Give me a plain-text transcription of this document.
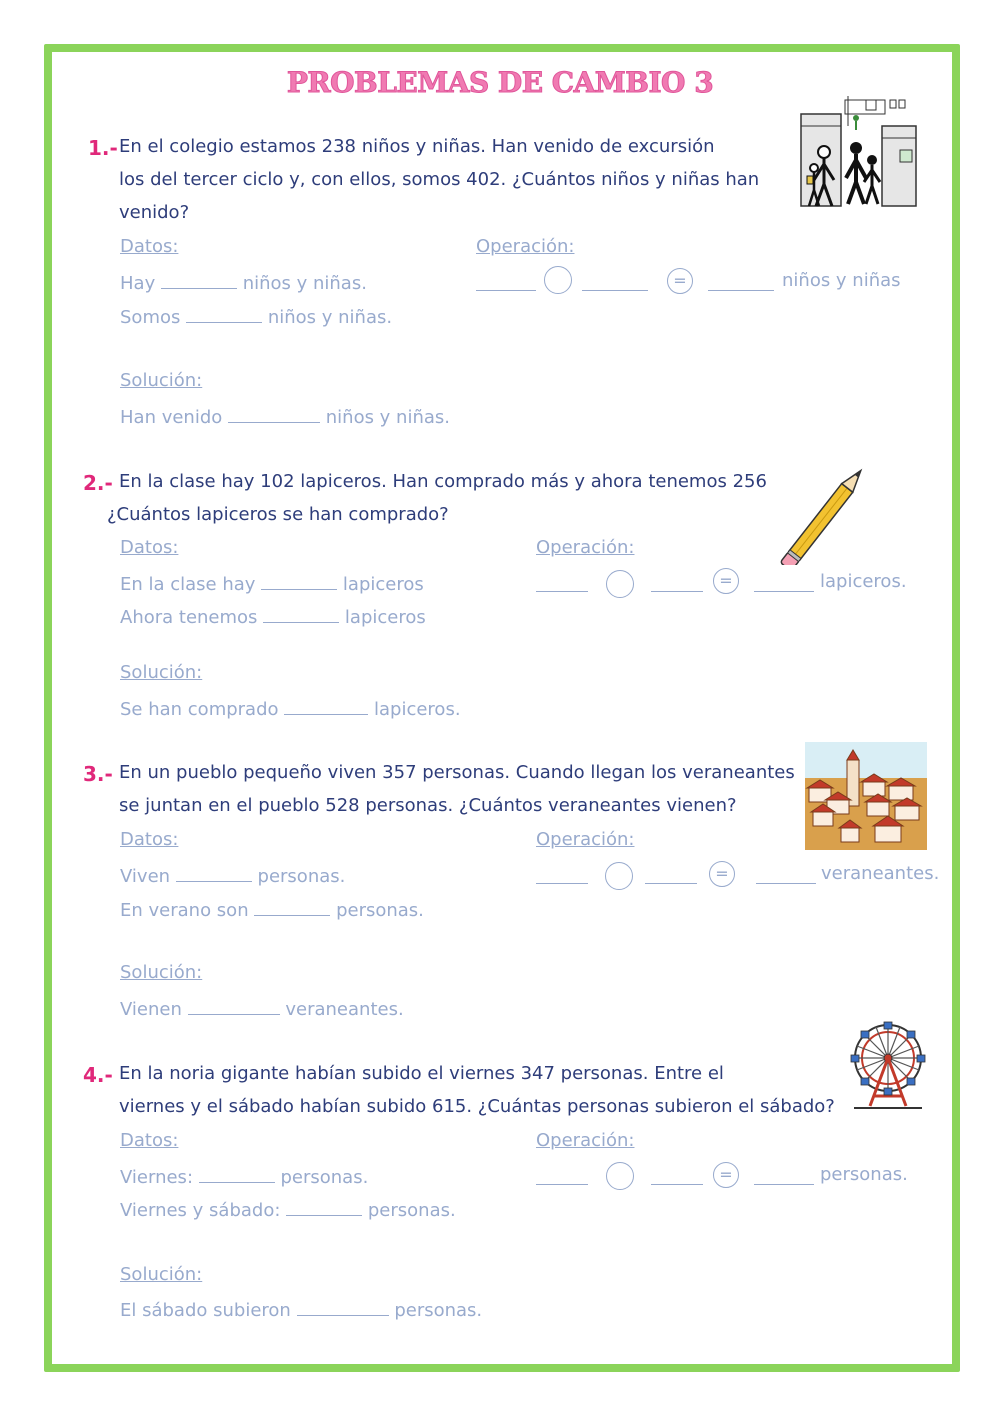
PROBLEMAS DE CAMBIO 3
1.- En el colegio estamos 238 niños y niñas. Han venido de excursión
los del tercer ciclo y, con ellos, somos 402. ¿Cuántos niños y niñas han
venido?
Datos:	Operación:
Hay	niños y niñas.
Somos	niños y niñas.
=	niños y niñas
Solución:
Han venido	niños y niñas.
2.- En la clase hay 102 lapiceros. Han comprado más y ahora tenemos 256
¿Cuántos lapiceros se han comprado?
Datos:	Operación:
En la clase hay	lapiceros
Ahora tenemos	lapiceros
=	lapiceros.
Solución:
Se han comprado	lapiceros.
3.- En un pueblo pequeño viven 357 personas. Cuando llegan los veraneantes
se juntan en el pueblo 528 personas. ¿Cuántos veraneantes vienen?
Datos:	Operación:
Viven	personas.
En verano son	personas.
=	veraneantes.
Solución:
Vienen	veraneantes.
4.- En la noria gigante habían subido el viernes 347 personas. Entre el
viernes y el sábado habían subido 615. ¿Cuántas personas subieron el sábado?
Datos:	Operación:
Viernes:	personas.
Viernes y sábado:	personas.
=	personas.
Solución:
El sábado subieron	personas.
